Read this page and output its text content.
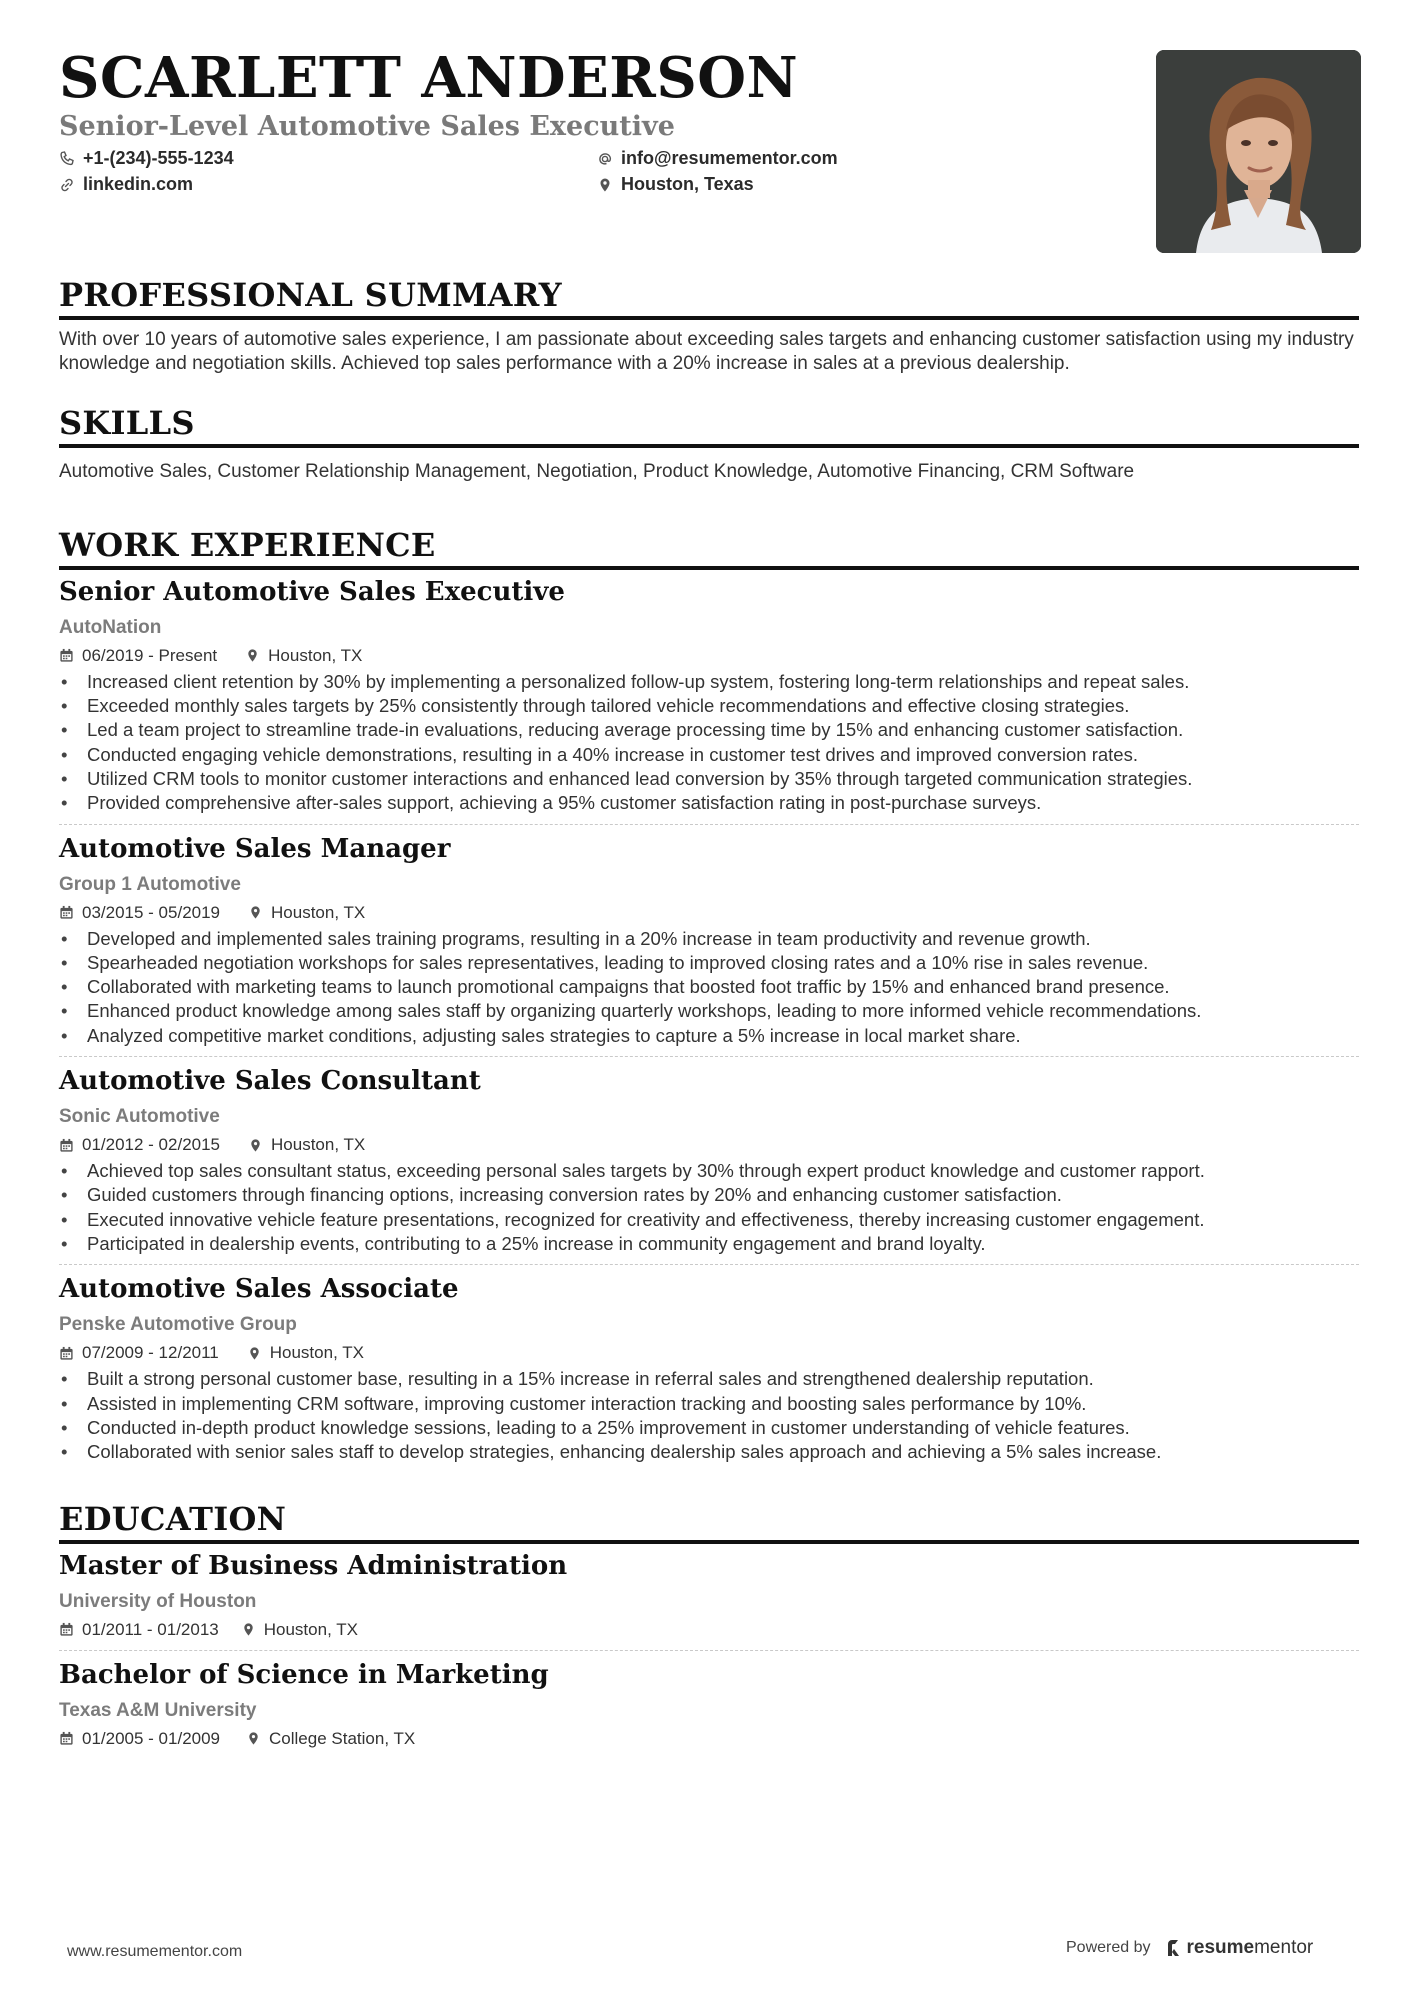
SCARLETT ANDERSON
Senior-Level Automotive Sales Executive
+1-(234)-555-1234	info@resumementor.com
linkedin.com	Houston, Texas
PROFESSIONAL SUMMARY

With over 10 years of automotive sales experience, I am passionate about exceeding sales targets and enhancing customer satisfaction using my industry knowledge and negotiation skills. Achieved top sales performance with a 20% increase in sales at a previous dealership.

SKILLS

Automotive Sales, Customer Relationship Management, Negotiation, Product Knowledge, Automotive Financing, CRM Software

WORK EXPERIENCE
Senior Automotive Sales Executive
AutoNation
06/2019 - Present	Houston, TX
• Increased client retention by 30% by implementing a personalized follow-up system, fostering long-term relationships and repeat sales.
• Exceeded monthly sales targets by 25% consistently through tailored vehicle recommendations and effective closing strategies.
• Led a team project to streamline trade-in evaluations, reducing average processing time by 15% and enhancing customer satisfaction.
• Conducted engaging vehicle demonstrations, resulting in a 40% increase in customer test drives and improved conversion rates.
• Utilized CRM tools to monitor customer interactions and enhanced lead conversion by 35% through targeted communication strategies.
• Provided comprehensive after-sales support, achieving a 95% customer satisfaction rating in post-purchase surveys.
Automotive Sales Manager
Group 1 Automotive
03/2015 - 05/2019	Houston, TX
• Developed and implemented sales training programs, resulting in a 20% increase in team productivity and revenue growth.
• Spearheaded negotiation workshops for sales representatives, leading to improved closing rates and a 10% rise in sales revenue.
• Collaborated with marketing teams to launch promotional campaigns that boosted foot traffic by 15% and enhanced brand presence.
• Enhanced product knowledge among sales staff by organizing quarterly workshops, leading to more informed vehicle recommendations.
• Analyzed competitive market conditions, adjusting sales strategies to capture a 5% increase in local market share.
Automotive Sales Consultant
Sonic Automotive
01/2012 - 02/2015	Houston, TX
• Achieved top sales consultant status, exceeding personal sales targets by 30% through expert product knowledge and customer rapport.
• Guided customers through financing options, increasing conversion rates by 20% and enhancing customer satisfaction.
• Executed innovative vehicle feature presentations, recognized for creativity and effectiveness, thereby increasing customer engagement.
• Participated in dealership events, contributing to a 25% increase in community engagement and brand loyalty.
Automotive Sales Associate
Penske Automotive Group
07/2009 - 12/2011	Houston, TX
• Built a strong personal customer base, resulting in a 15% increase in referral sales and strengthened dealership reputation.
• Assisted in implementing CRM software, improving customer interaction tracking and boosting sales performance by 10%.
• Conducted in-depth product knowledge sessions, leading to a 25% improvement in customer understanding of vehicle features.
• Collaborated with senior sales staff to develop strategies, enhancing dealership sales approach and achieving a 5% sales increase.
EDUCATION
Master of Business Administration
University of Houston
01/2011 - 01/2013	Houston, TX
Bachelor of Science in Marketing
Texas A&M University
01/2005 - 01/2009	College Station, TX
www.resumementor.com	Powered by resumementor
